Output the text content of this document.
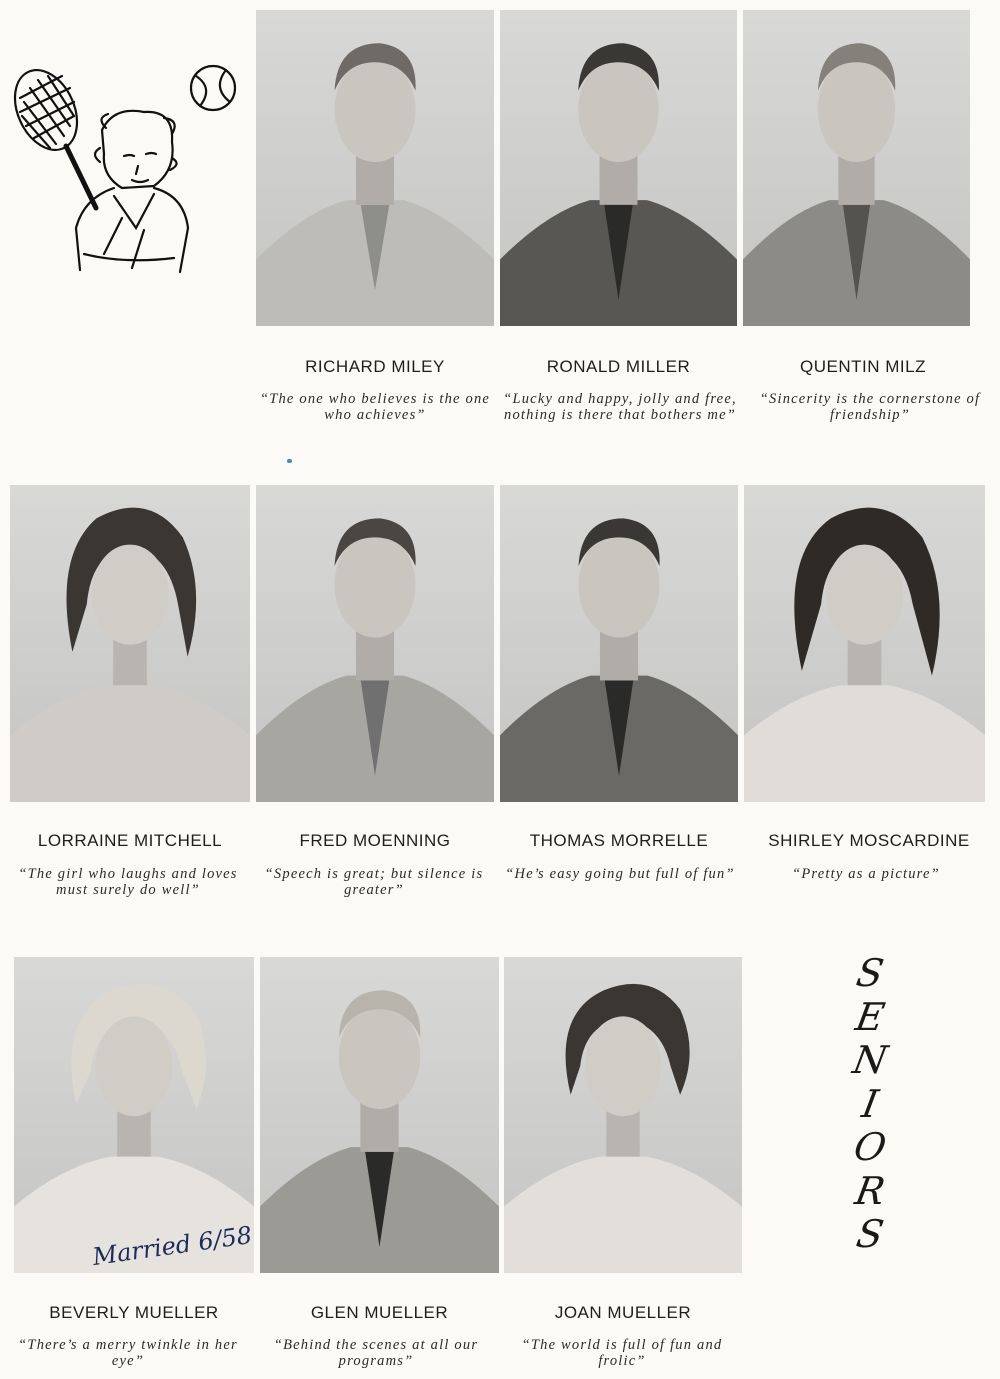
RICHARD MILEY	RONALD MILLER	QUENTIN MILZ
LORRAINE MITCHELL	FRED MOENNING	THOMAS MORRELLE	SHIRLEY MOSCARDINE
BEVERLY MUELLER	GLEN MUELLER	JOAN MUELLER
“The one who believes is the one who achieves”
“Lucky and happy, jolly and free, nothing is there that bothers me”
“Sincerity is the cornerstone of friendship”
“The girl who laughs and loves must surely do well”
“Speech is great; but silence is greater”
“He’s easy going but full of fun”	“Pretty as a picture”
“There’s a merry twinkle in her eye”
“Behind the scenes at all our programs”
“The world is full of fun and frolic”
S
E
N
I
O
R
S
Married 6/58
